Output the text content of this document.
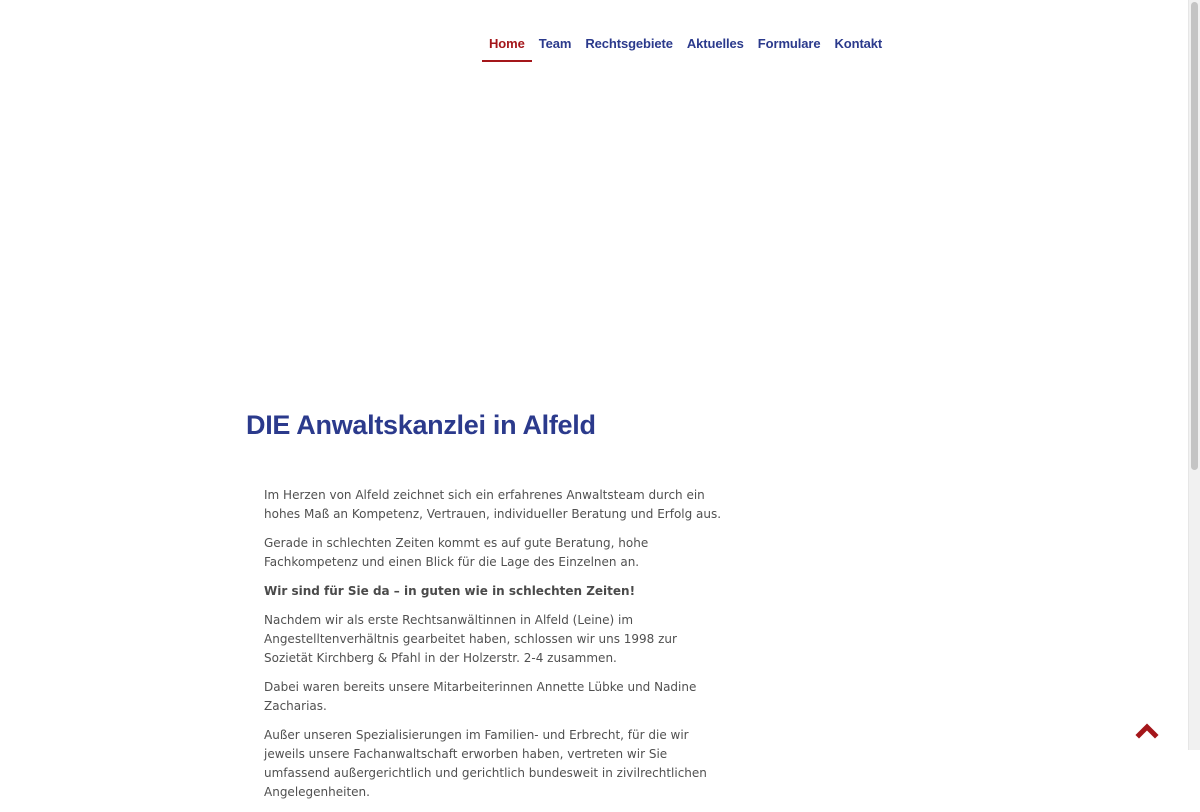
Home	Team	Rechtsgebiete	Aktuelles	Formulare	Kontakt
DIE Anwaltskanzlei in Alfeld

Im Herzen von Alfeld zeichnet sich ein erfahrenes Anwaltsteam durch ein hohes Maß an Kompetenz, Vertrauen, individueller Beratung und Erfolg aus.

Gerade in schlechten Zeiten kommt es auf gute Beratung, hohe Fachkompetenz und einen Blick für die Lage des Einzelnen an.

Wir sind für Sie da – in guten wie in schlechten Zeiten!

Nachdem wir als erste Rechtsanwältinnen in Alfeld (Leine) im Angestelltenverhältnis gearbeitet haben, schlossen wir uns 1998 zur Sozietät Kirchberg & Pfahl in der Holzerstr. 2-4 zusammen.

Dabei waren bereits unsere Mitarbeiterinnen Annette Lübke und Nadine Zacharias.

Außer unseren Spezialisierungen im Familien- und Erbrecht, für die wir jeweils unsere Fachanwaltschaft erworben haben, vertreten wir Sie umfassend außergerichtlich und gerichtlich bundesweit in zivilrechtlichen Angelegenheiten.
